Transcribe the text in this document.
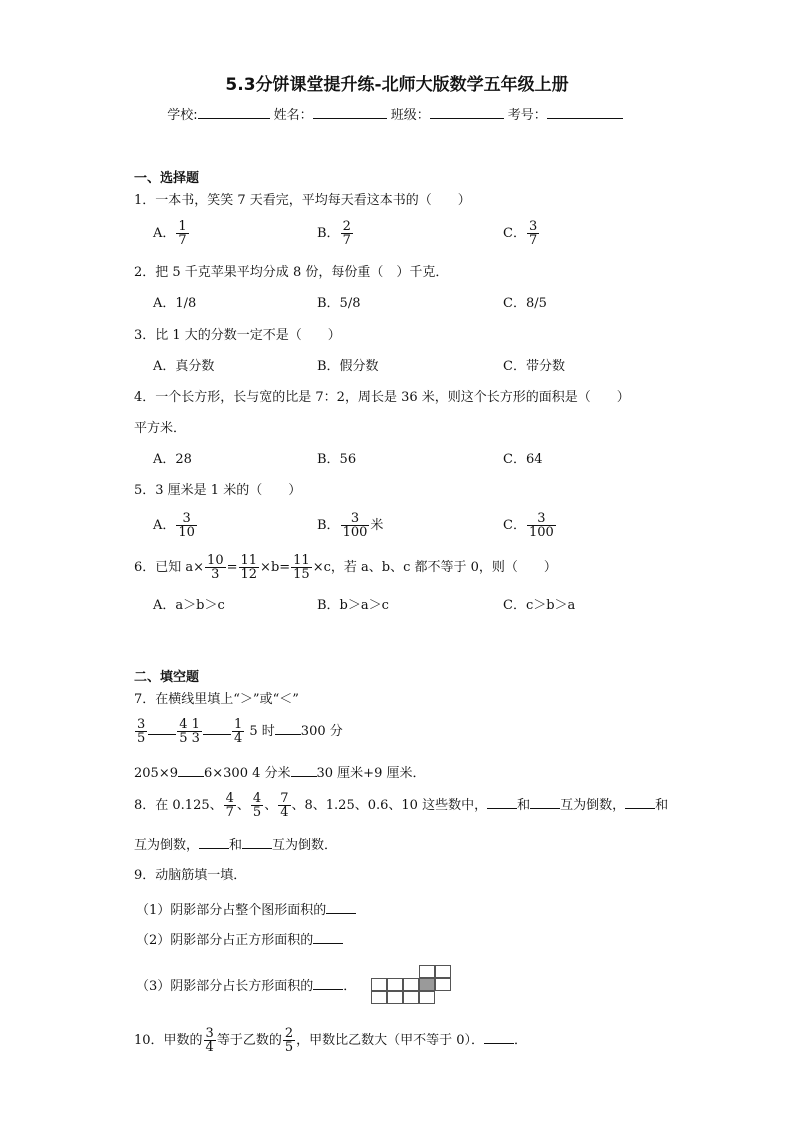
5.3分饼课堂提升练-北师大版数学五年级上册
学校:	姓名：	班级：	考号：
一、选择题
1．一本书，笑笑 7 天看完，平均每天看这本书的（　　）
A． $\frac{1}{7}$	B． $\frac{2}{7}$	C． $\frac{3}{7}$
2．把 5 千克苹果平均分成 8 份，每份重（　）千克．
A．1/8	B．5/8	C．8/5
3．比 1 大的分数一定不是（　　）
A．真分数	B．假分数	C．带分数
4．一个长方形，长与宽的比是 7：2，周长是 36 米，则这个长方形的面积是（　　）
平方米．
A．28	B．56	C．64
5．3 厘米是 1 米的（　　）
A． $\frac{3}{10}$	B． $\frac{3}{100}$ 米	C． $\frac{3}{100}$
6．已知 $a\times \frac{10}{3} = \frac{11}{12} \times b= \frac{11}{15} \times c$，若 a、b、c 都不等于 0，则（　　）
A．a＞b＞c	B．b＞a＞c	C．c＞b＞a
二、填空题
7．在横线里填上“＞”或“＜”
$\frac{3}{5} \frac{4 1}{5 3} \frac{1}{4} 5$ 时 300 分
205×9 6×300 4 分米 30 厘米+9 厘米．
8．在 0.125、 $\frac{4}{7}$ 、 $\frac{4}{5}$ 、 $\frac{7}{4}$ 、8、1.25、0.6、10 这些数中， 和 互为倒数， 和
互为倒数， 和 互为倒数．
9．动脑筋填一填．
（1）阴影部分占整个图形面积的
（2）阴影部分占正方形面积的
（3）阴影部分占长方形面积的 ．
10．甲数的 $\frac{3}{4}$ 等于乙数的 $\frac{2}{5}$ ，甲数比乙数大（甲不等于 0）． ．
